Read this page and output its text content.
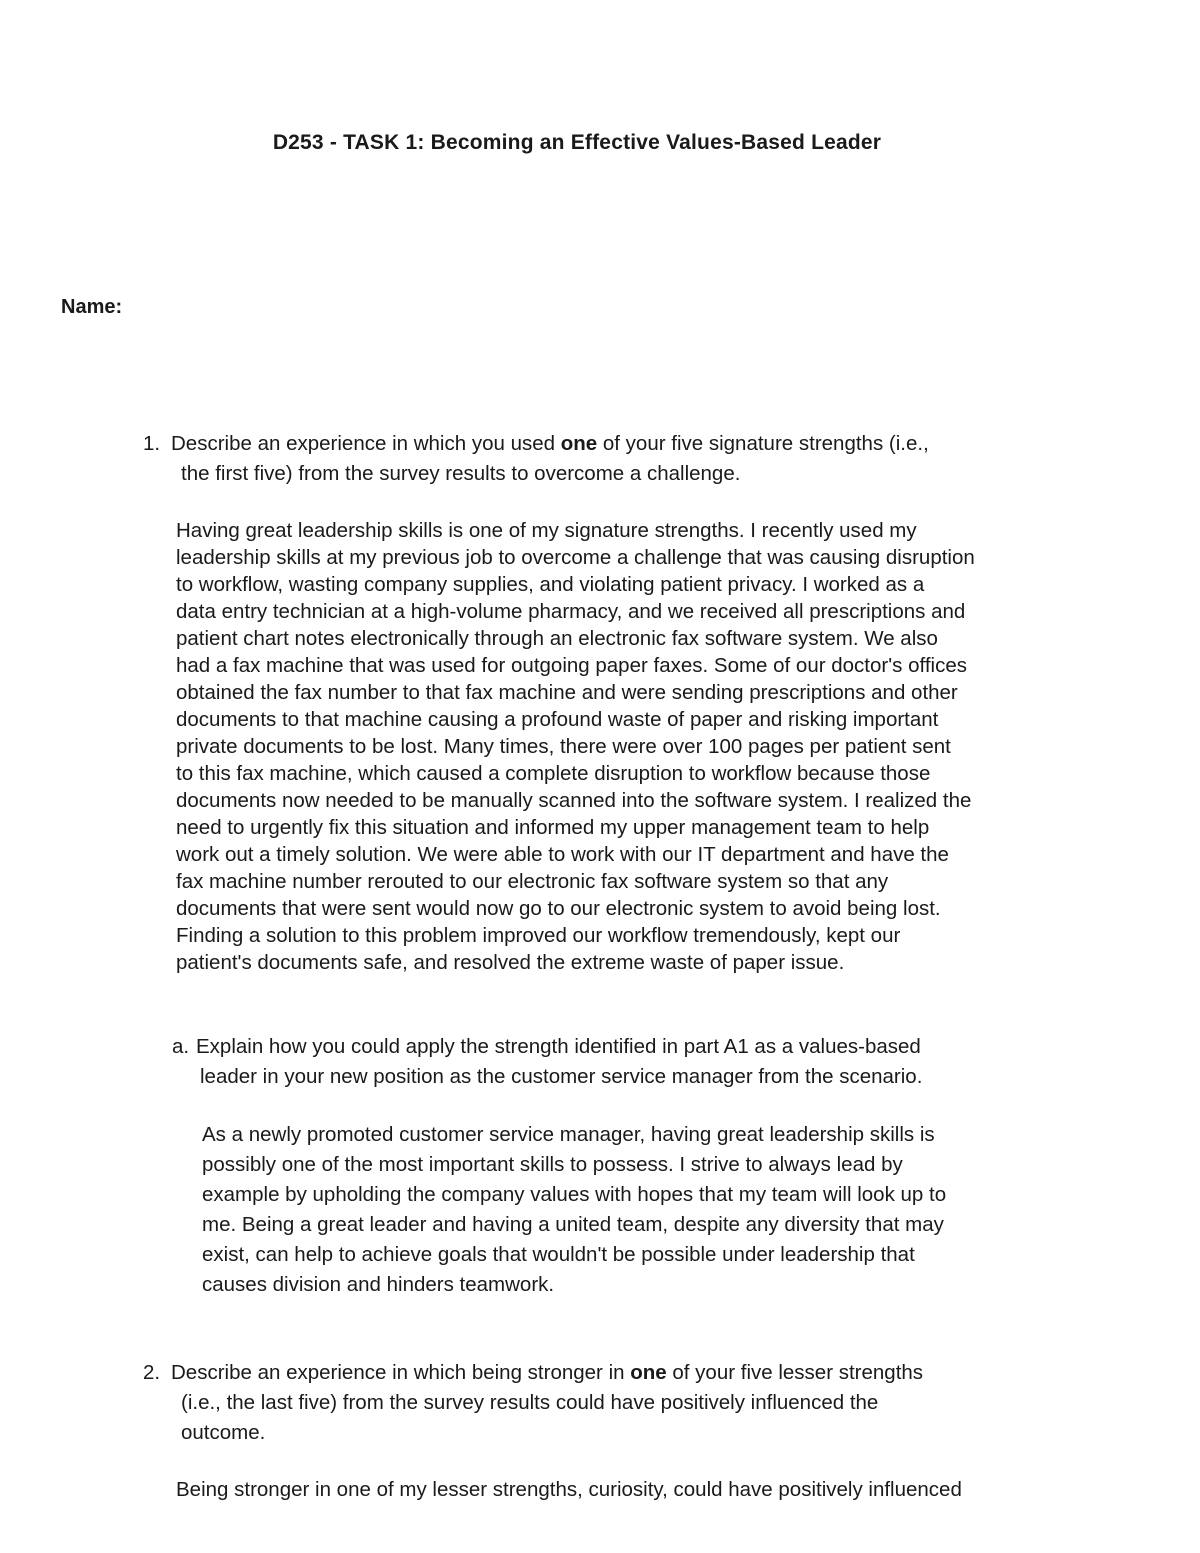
D253 - TASK 1: Becoming an Effective Values-Based Leader

Name:

1. Describe an experience in which you used one of your five signature strengths (i.e.,
the first five) from the survey results to overcome a challenge.
Having great leadership skills is one of my signature strengths. I recently used my
leadership skills at my previous job to overcome a challenge that was causing disruption
to workflow, wasting company supplies, and violating patient privacy. I worked as a
data entry technician at a high-volume pharmacy, and we received all prescriptions and
patient chart notes electronically through an electronic fax software system. We also
had a fax machine that was used for outgoing paper faxes. Some of our doctor's offices
obtained the fax number to that fax machine and were sending prescriptions and other
documents to that machine causing a profound waste of paper and risking important
private documents to be lost. Many times, there were over 100 pages per patient sent
to this fax machine, which caused a complete disruption to workflow because those
documents now needed to be manually scanned into the software system. I realized the
need to urgently fix this situation and informed my upper management team to help
work out a timely solution. We were able to work with our IT department and have the
fax machine number rerouted to our electronic fax software system so that any
documents that were sent would now go to our electronic system to avoid being lost.
Finding a solution to this problem improved our workflow tremendously, kept our
patient's documents safe, and resolved the extreme waste of paper issue.
a. Explain how you could apply the strength identified in part A1 as a values-based
leader in your new position as the customer service manager from the scenario.
As a newly promoted customer service manager, having great leadership skills is
possibly one of the most important skills to possess. I strive to always lead by
example by upholding the company values with hopes that my team will look up to
me. Being a great leader and having a united team, despite any diversity that may
exist, can help to achieve goals that wouldn't be possible under leadership that
causes division and hinders teamwork.
2. Describe an experience in which being stronger in one of your five lesser strengths
(i.e., the last five) from the survey results could have positively influenced the
outcome.
Being stronger in one of my lesser strengths, curiosity, could have positively influenced
